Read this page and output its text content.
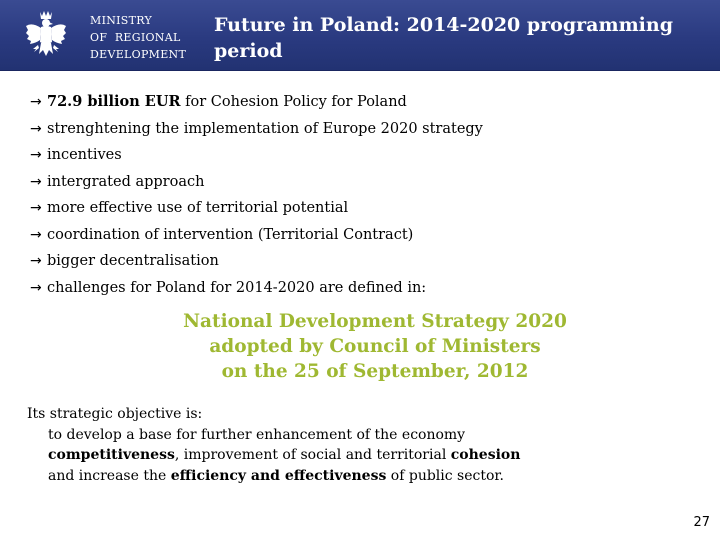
MINISTRY
OF  REGIONAL
DEVELOPMENT
Future in Poland: 2014-2020 programming
period
→ 72.9 billion EUR for Cohesion Policy for Poland
→ strenghtening the implementation of Europe 2020 strategy
→ incentives
→ intergrated approach
→ more effective use of territorial potential
→ coordination of intervention (Territorial Contract)
→ bigger decentralisation
→ challenges for Poland for 2014-2020 are defined in:
National Development Strategy 2020
adopted by Council of Ministers
on the 25 of September, 2012
Its strategic objective is:
to develop a base for further enhancement of the economy
competitiveness, improvement of social and territorial cohesion
and increase the efficiency and effectiveness of public sector.
27
